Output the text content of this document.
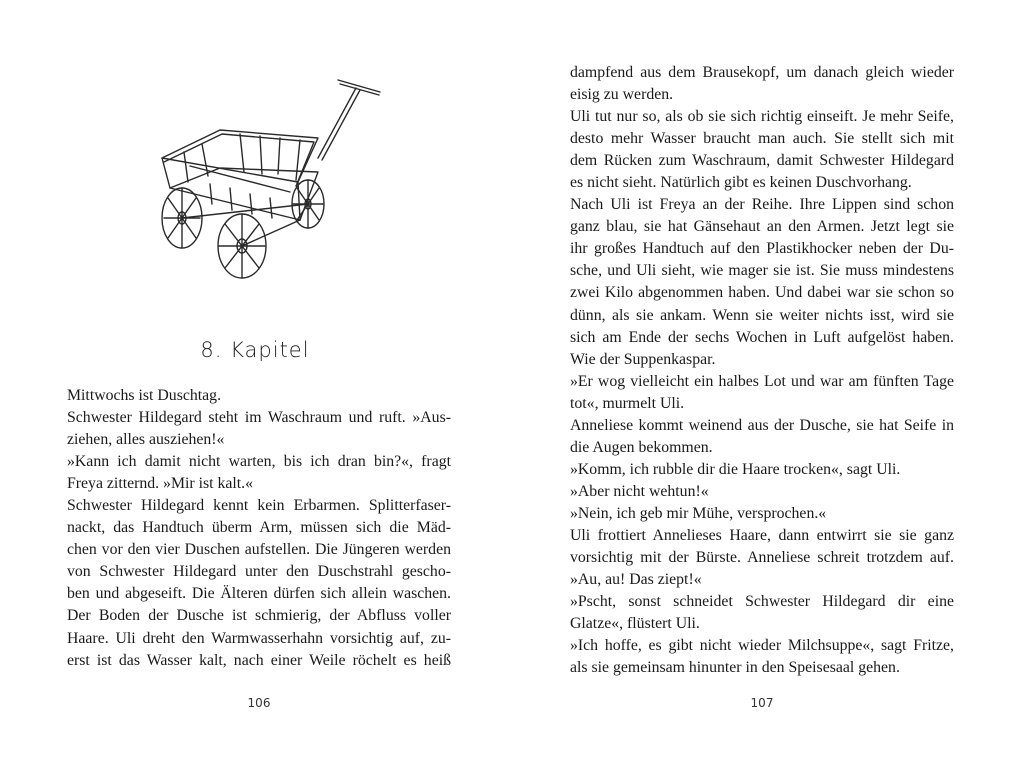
8. Kapitel
Mittwochs ist Duschtag.
Schwester Hildegard steht im Waschraum und ruft. »Aus-
ziehen, alles ausziehen!«
»Kann ich damit nicht warten, bis ich dran bin?«, fragt
Freya zitternd. »Mir ist kalt.«
Schwester Hildegard kennt kein Erbarmen. Splitterfaser-
nackt, das Handtuch überm Arm, müssen sich die Mäd-
chen vor den vier Duschen aufstellen. Die Jüngeren werden
von Schwester Hildegard unter den Duschstrahl gescho-
ben und abgeseift. Die Älteren dürfen sich allein waschen.
Der Boden der Dusche ist schmierig, der Abfluss voller
Haare. Uli dreht den Warmwasserhahn vorsichtig auf, zu-
erst ist das Wasser kalt, nach einer Weile röchelt es heiß
106
dampfend aus dem Brausekopf, um danach gleich wieder
eisig zu werden.
Uli tut nur so, als ob sie sich richtig einseift. Je mehr Seife,
desto mehr Wasser braucht man auch. Sie stellt sich mit
dem Rücken zum Waschraum, damit Schwester Hildegard
es nicht sieht. Natürlich gibt es keinen Duschvorhang.
Nach Uli ist Freya an der Reihe. Ihre Lippen sind schon
ganz blau, sie hat Gänsehaut an den Armen. Jetzt legt sie
ihr großes Handtuch auf den Plastikhocker neben der Du-
sche, und Uli sieht, wie mager sie ist. Sie muss mindestens
zwei Kilo abgenommen haben. Und dabei war sie schon so
dünn, als sie ankam. Wenn sie weiter nichts isst, wird sie
sich am Ende der sechs Wochen in Luft aufgelöst haben.
Wie der Suppenkaspar.
»Er wog vielleicht ein halbes Lot und war am fünften Tage
tot«, murmelt Uli.
Anneliese kommt weinend aus der Dusche, sie hat Seife in
die Augen bekommen.
»Komm, ich rubble dir die Haare trocken«, sagt Uli.
»Aber nicht wehtun!«
»Nein, ich geb mir Mühe, versprochen.«
Uli frottiert Annelieses Haare, dann entwirrt sie sie ganz
vorsichtig mit der Bürste. Anneliese schreit trotzdem auf.
»Au, au! Das ziept!«
»Pscht, sonst schneidet Schwester Hildegard dir eine
Glatze«, flüstert Uli.
»Ich hoffe, es gibt nicht wieder Milchsuppe«, sagt Fritze,
als sie gemeinsam hinunter in den Speisesaal gehen.
107
